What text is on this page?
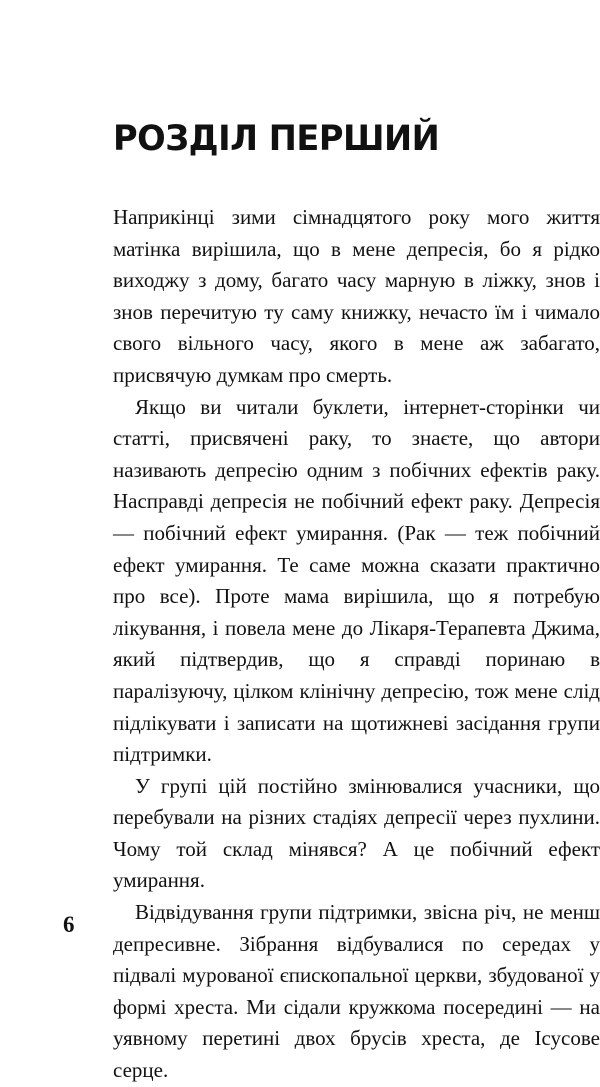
РОЗДІЛ ПЕРШИЙ

Наприкінці зими сімнадцятого року мого життя матінка вирішила, що в мене депресія, бо я рідко виходжу з дому, багато часу марную в ліжку, знов і знов перечитую ту саму книжку, нечасто їм і чимало свого вільного часу, якого в мене аж забагато, присвячую думкам про смерть.

Якщо ви читали буклети, інтернет-сторінки чи статті, присвячені раку, то знаєте, що автори називають депресію одним з побічних ефектів раку. Насправді депресія не побічний ефект раку. Депресія — побічний ефект умирання. (Рак — теж побічний ефект умирання. Те саме можна сказати практично про все). Проте мама вирішила, що я потребую лікування, і повела мене до Лікаря-Терапевта Джима, який підтвердив, що я справді поринаю в паралізуючу, цілком клінічну депресію, тож мене слід підлікувати і записати на щотижневі засідання групи підтримки.

У групі цій постійно змінювалися учасники, що перебували на різних стадіях депресії через пухлини. Чому той склад мінявся? А це побічний ефект умирання.

Відвідування групи підтримки, звісна річ, не менш депресивне. Зібрання відбувалися по середах у підвалі мурованої єпископальної церкви, збудованої у формі хреста. Ми сідали кружкома посередині — на уявному перетині двох брусів хреста, де Ісусове серце.

6
